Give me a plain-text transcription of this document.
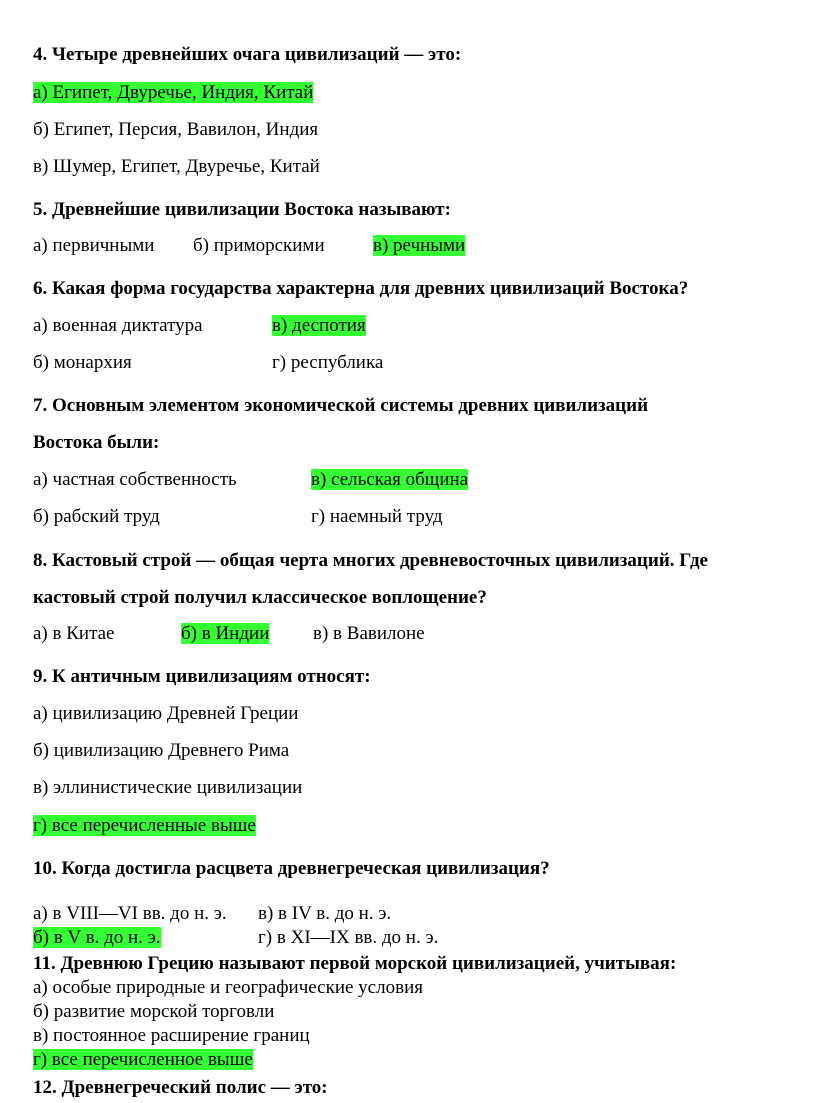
4. Четыре древнейших очага цивилизаций — это:
а) Египет, Двуречье, Индия, Китай
б) Египет, Персия, Вавилон, Индия
в) Шумер, Египет, Двуречье, Китай
5. Древнейшие цивилизации Востока называют:
а) первичными б) приморскими	в) речными
6. Какая форма государства характерна для древних цивилизаций Востока?
а) военная диктатура	в) деспотия
б) монархия	г) республика
7. Основным элементом экономической системы древних цивилизаций
Востока были:
а) частная собственность	в) сельская община
б) рабский труд	г) наемный труд
8. Кастовый строй — общая черта многих древневосточных цивилизаций. Где
кастовый строй получил классическое воплощение?
а) в Китае	б) в Индии в) в Вавилоне
9. К античным цивилизациям относят:
а) цивилизацию Древней Греции
б) цивилизацию Древнего Рима
в) эллинистические цивилизации
г) все перечисленные выше
10. Когда достигла расцвета древнегреческая цивилизация?
а) в VIII—VI вв. до н. э. в) в IV в. до н. э.
б) в V в. до н. э.	г) в XI—IX вв. до н. э.
11. Древнюю Грецию называют первой морской цивилизацией, учитывая:
а) особые природные и географические условия
б) развитие морской торговли
в) постоянное расширение границ
г) все перечисленное выше
12. Древнегреческий полис — это:
